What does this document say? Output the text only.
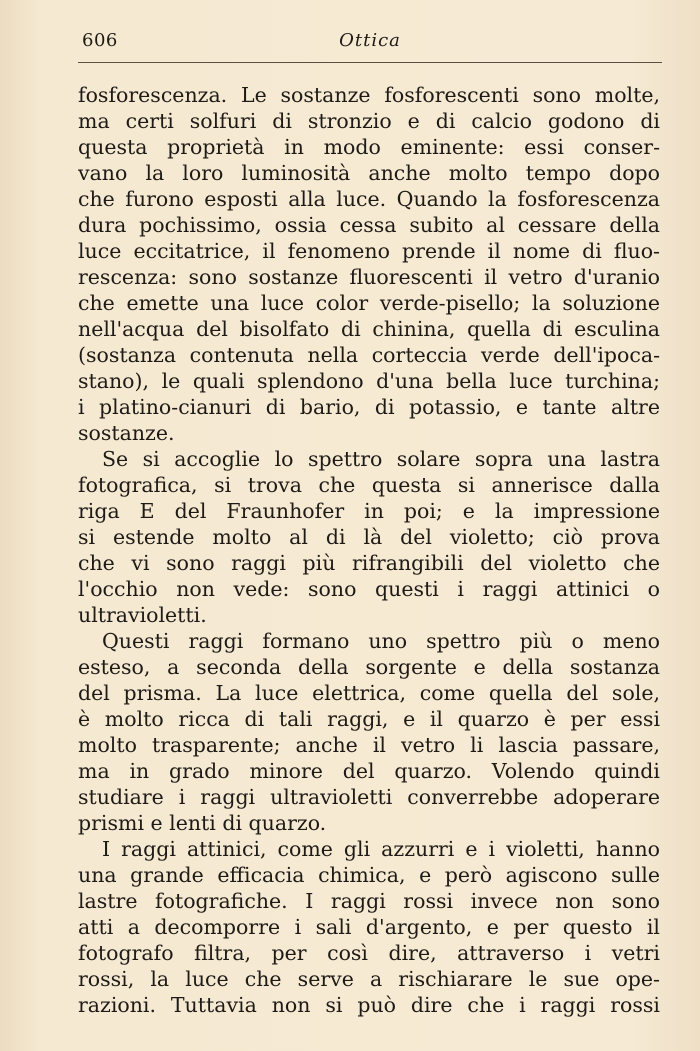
606	Ottica
fosforescenza. Le sostanze fosforescenti sono molte,
ma certi solfuri di stronzio e di calcio godono di
questa proprietà in modo eminente: essi conser-
vano la loro luminosità anche molto tempo dopo
che furono esposti alla luce. Quando la fosforescenza
dura pochissimo, ossia cessa subito al cessare della
luce eccitatrice, il fenomeno prende il nome di fluo-
rescenza: sono sostanze fluorescenti il vetro d'uranio
che emette una luce color verde-pisello; la soluzione
nell'acqua del bisolfato di chinina, quella di esculina
(sostanza contenuta nella corteccia verde dell'ipoca-
stano), le quali splendono d'una bella luce turchina;
i platino-cianuri di bario, di potassio, e tante altre
sostanze.
Se si accoglie lo spettro solare sopra una lastra
fotografica, si trova che questa si annerisce dalla
riga E del Fraunhofer in poi; e la impressione
si estende molto al di là del violetto; ciò prova
che vi sono raggi più rifrangibili del violetto che
l'occhio non vede: sono questi i raggi attinici o
ultravioletti.
Questi raggi formano uno spettro più o meno
esteso, a seconda della sorgente e della sostanza
del prisma. La luce elettrica, come quella del sole,
è molto ricca di tali raggi, e il quarzo è per essi
molto trasparente; anche il vetro li lascia passare,
ma in grado minore del quarzo. Volendo quindi
studiare i raggi ultravioletti converrebbe adoperare
prismi e lenti di quarzo.
I raggi attinici, come gli azzurri e i violetti, hanno
una grande efficacia chimica, e però agiscono sulle
lastre fotografiche. I raggi rossi invece non sono
atti a decomporre i sali d'argento, e per questo il
fotografo filtra, per così dire, attraverso i vetri
rossi, la luce che serve a rischiarare le sue ope-
razioni. Tuttavia non si può dire che i raggi rossi
